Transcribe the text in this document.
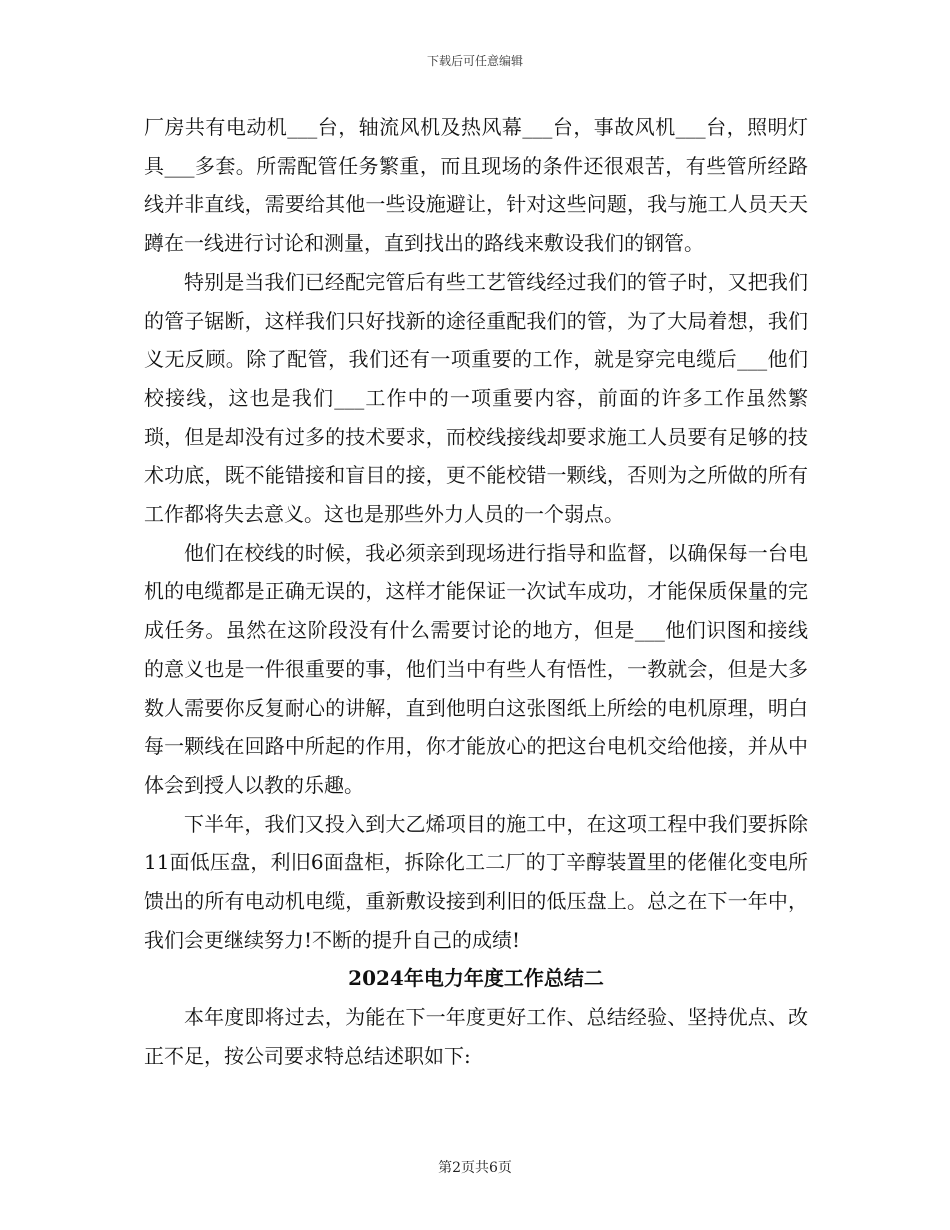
下载后可任意编辑

厂房共有电动机___台，轴流风机及热风幕___台，事故风机___台，照明灯具___多套。所需配管任务繁重，而且现场的条件还很艰苦，有些管所经路线并非直线，需要给其他一些设施避让，针对这些问题，我与施工人员天天蹲在一线进行讨论和测量，直到找出的路线来敷设我们的钢管。

特别是当我们已经配完管后有些工艺管线经过我们的管子时，又把我们的管子锯断，这样我们只好找新的途径重配我们的管，为了大局着想，我们义无反顾。除了配管，我们还有一项重要的工作，就是穿完电缆后___他们校接线，这也是我们___工作中的一项重要内容，前面的许多工作虽然繁琐，但是却没有过多的技术要求，而校线接线却要求施工人员要有足够的技术功底，既不能错接和盲目的接，更不能校错一颗线，否则为之所做的所有工作都将失去意义。这也是那些外力人员的一个弱点。

他们在校线的时候，我必须亲到现场进行指导和监督，以确保每一台电机的电缆都是正确无误的，这样才能保证一次试车成功，才能保质保量的完成任务。虽然在这阶段没有什么需要讨论的地方，但是___他们识图和接线的意义也是一件很重要的事，他们当中有些人有悟性，一教就会，但是大多数人需要你反复耐心的讲解，直到他明白这张图纸上所绘的电机原理，明白每一颗线在回路中所起的作用，你才能放心的把这台电机交给他接，并从中体会到授人以教的乐趣。

下半年，我们又投入到大乙烯项目的施工中，在这项工程中我们要拆除11面低压盘，利旧6面盘柜，拆除化工二厂的丁辛醇装置里的佬催化变电所馈出的所有电动机电缆，重新敷设接到利旧的低压盘上。总之在下一年中，我们会更继续努力!不断的提升自己的成绩!

2024年电力年度工作总结二

本年度即将过去，为能在下一年度更好工作、总结经验、坚持优点、改正不足，按公司要求特总结述职如下:

第2页共6页
